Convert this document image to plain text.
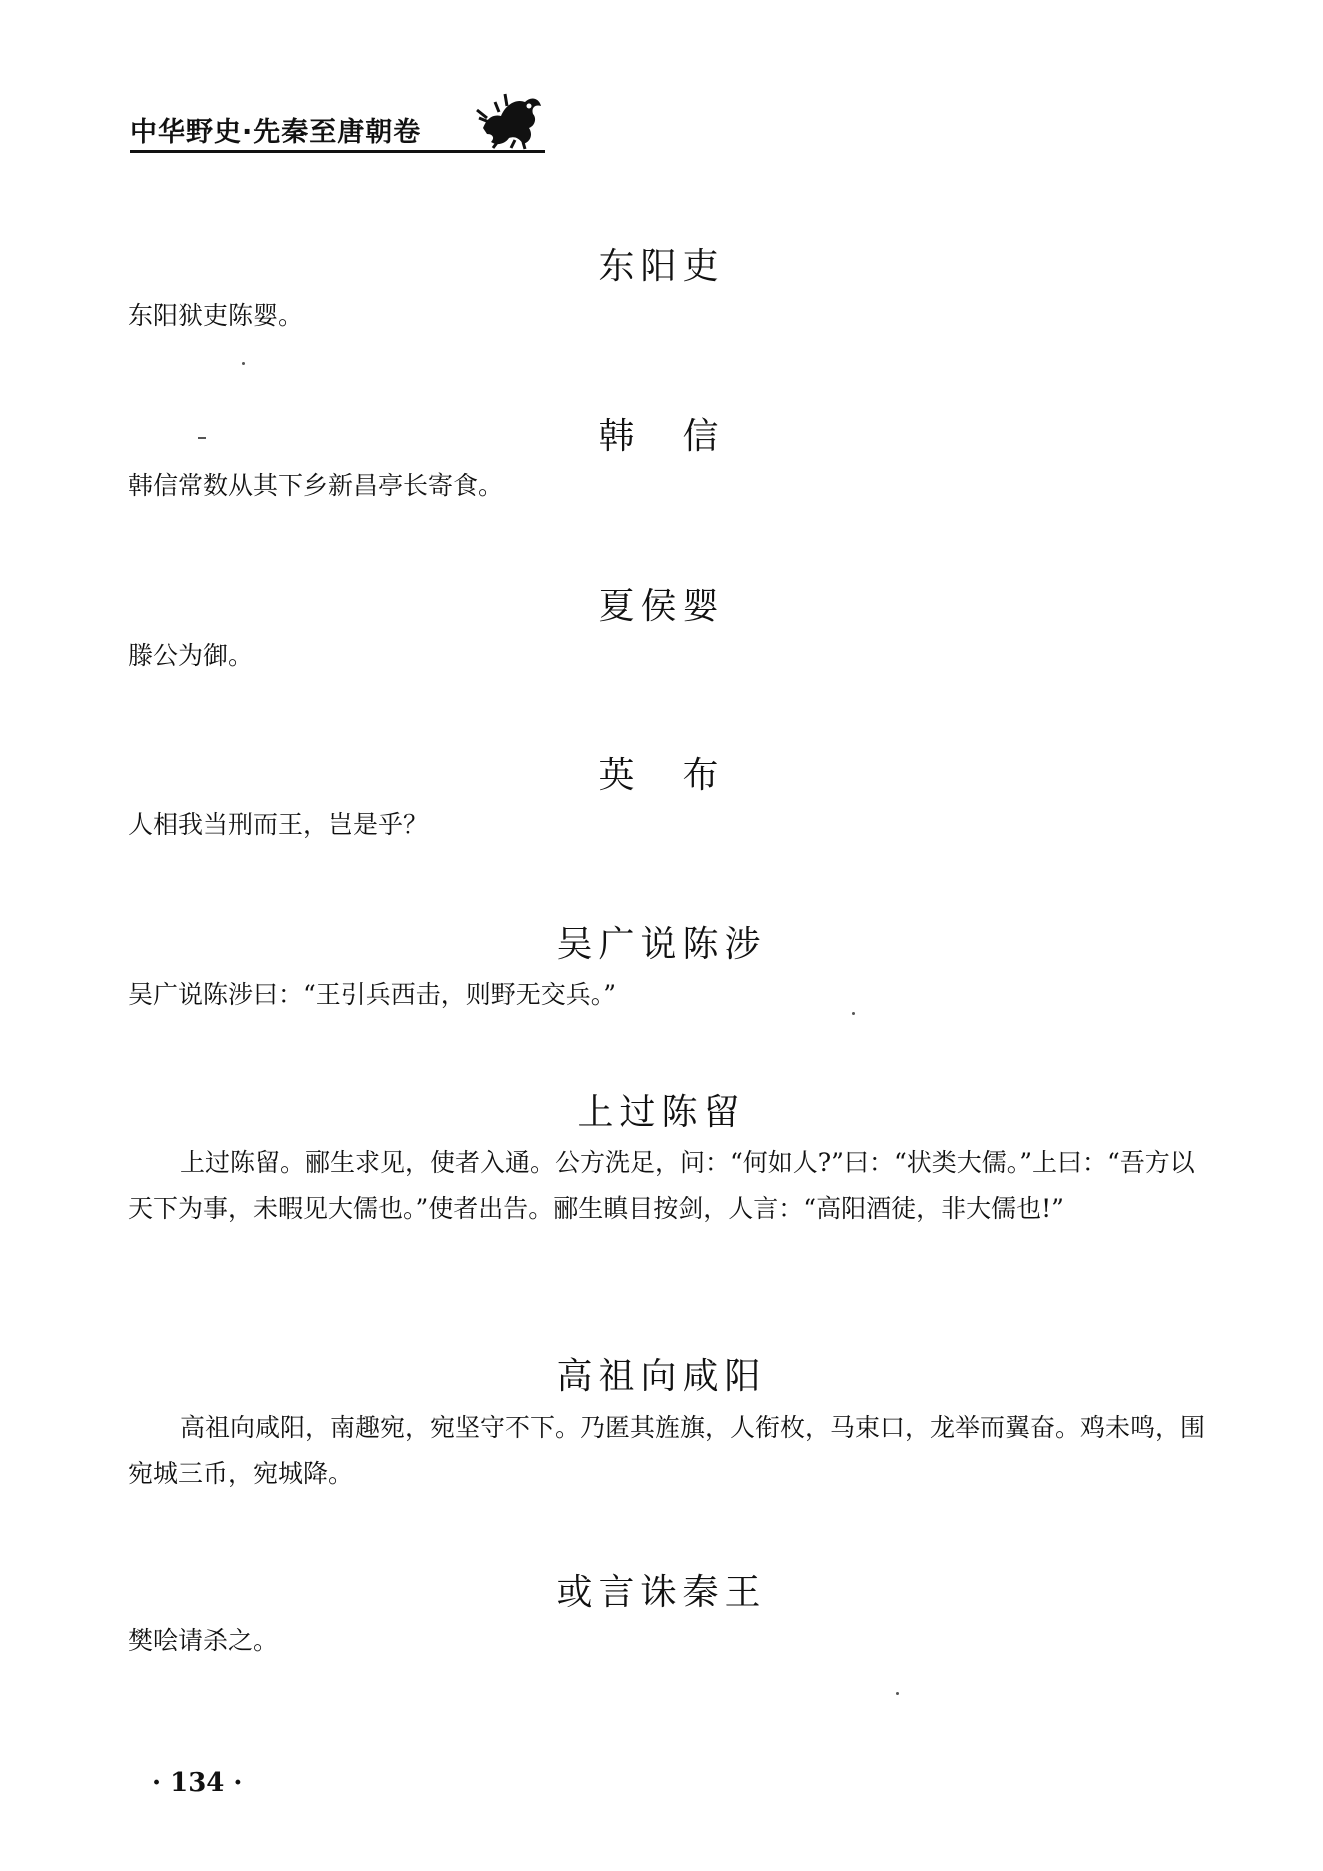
中华野史·先秦至唐朝卷
东阳吏

东阳狱吏陈婴。

韩　信

韩信常数从其下乡新昌亭长寄食。

夏侯婴

滕公为御。

英　布

人相我当刑而王，岂是乎？

吴广说陈涉

吴广说陈涉曰：“王引兵西击，则野无交兵。”

上过陈留

上过陈留。郦生求见，使者入通。公方洗足，问：“何如人?”曰：“状类大儒。”上曰：“吾方以天下为事，未暇见大儒也。”使者出告。郦生瞋目按剑，人言：“高阳酒徒，非大儒也!”

高祖向咸阳

高祖向咸阳，南趣宛，宛坚守不下。乃匿其旌旗，人衔枚，马束口，龙举而翼奋。鸡未鸣，围宛城三币，宛城降。

或言诛秦王

樊哙请杀之。

· 134 ·
